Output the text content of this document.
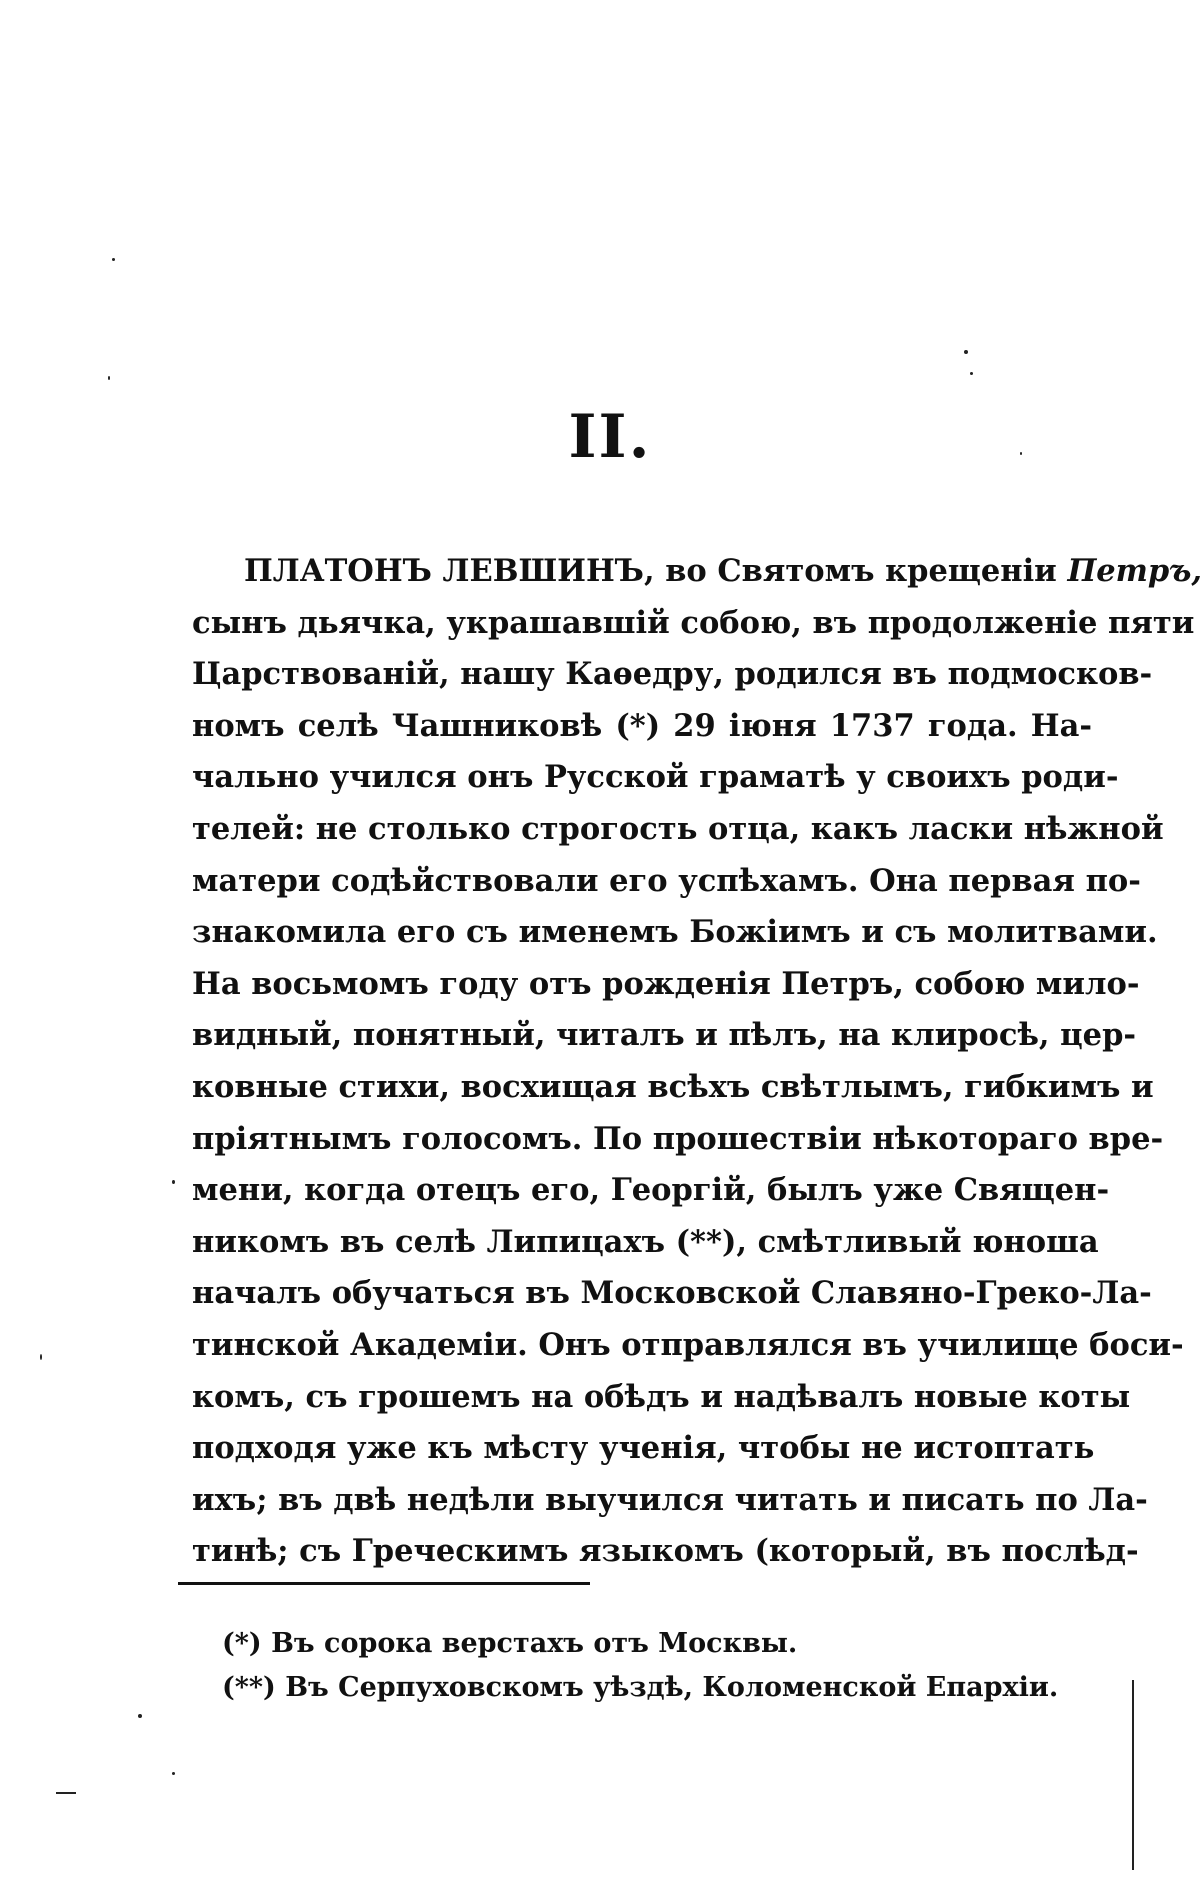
II.
ПЛАТОНЪ ЛЕВШИНЪ, во Святомъ крещеніи Петръ,
сынъ дьячка, украшавшій собою, въ продолженіе пяти
Царствованій, нашу Каѳедру, родился въ подмосков-
номъ селѣ Чашниковѣ (*) 29 іюня 1737 года. На-
чально учился онъ Русской граматѣ у своихъ роди-
телей: не столько строгость отца, какъ ласки нѣжной
матери содѣйствовали его успѣхамъ. Она первая по-
знакомила его съ именемъ Божіимъ и съ молитвами.
На восьмомъ году отъ рожденія Петръ, собою мило-
видный, понятный, читалъ и пѣлъ, на клиросѣ, цер-
ковные стихи, восхищая всѣхъ свѣтлымъ, гибкимъ и
пріятнымъ голосомъ. По прошествіи нѣкотораго вре-
мени, когда отецъ его, Георгій, былъ уже Священ-
никомъ въ селѣ Липицахъ (**), смѣтливый юноша
началъ обучаться въ Московской Славяно-Греко-Ла-
тинской Академіи. Онъ отправлялся въ училище боси-
комъ, съ грошемъ на обѣдъ и надѣвалъ новые коты
подходя уже къ мѣсту ученія, чтобы не истоптать
ихъ; въ двѣ недѣли выучился читать и писать по Ла-
тинѣ; съ Греческимъ языкомъ (который, въ послѣд-
(*) Въ сорока верстахъ отъ Москвы.
(**) Въ Серпуховскомъ уѣздѣ, Коломенской Епархіи.
